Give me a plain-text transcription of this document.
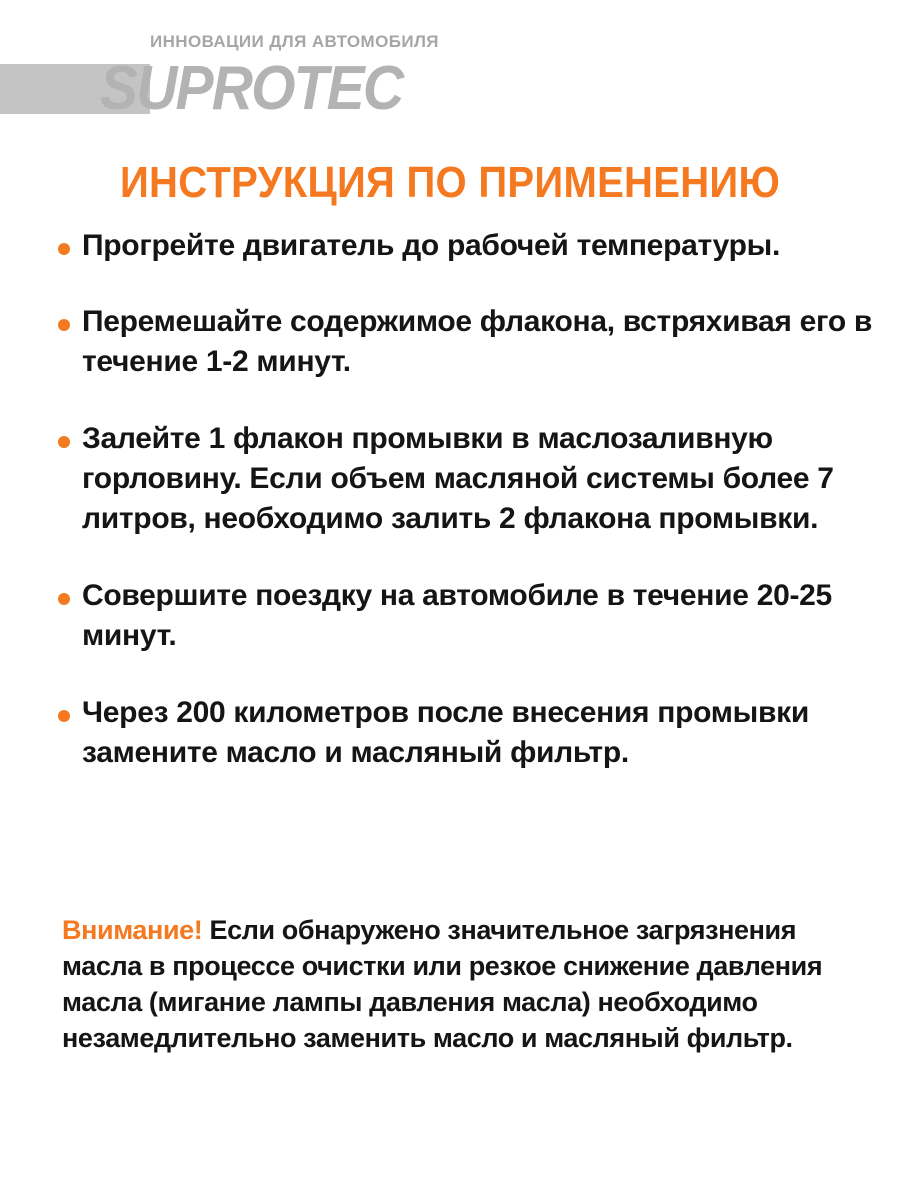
ИННОВАЦИИ ДЛЯ АВТОМОБИЛЯ
SUPROTEC
ИНСТРУКЦИЯ ПО ПРИМЕНЕНИЮ
Прогрейте двигатель до рабочей температуры.
Перемешайте содержимое флакона, встряхивая его в течение 1-2 минут.
Залейте 1 флакон промывки в маслозаливную горловину. Если объем масляной системы более 7 литров, необходимо залить 2 флакона промывки.
Совершите поездку на автомобиле в течение 20-25 минут.
Через 200 километров после внесения промывки замените масло и масляный фильтр.
Внимание! Если обнаружено значительное загрязнения масла в процессе очистки или резкое снижение давления масла (мигание лампы давления масла) необходимо незамедлительно заменить масло и масляный фильтр.
